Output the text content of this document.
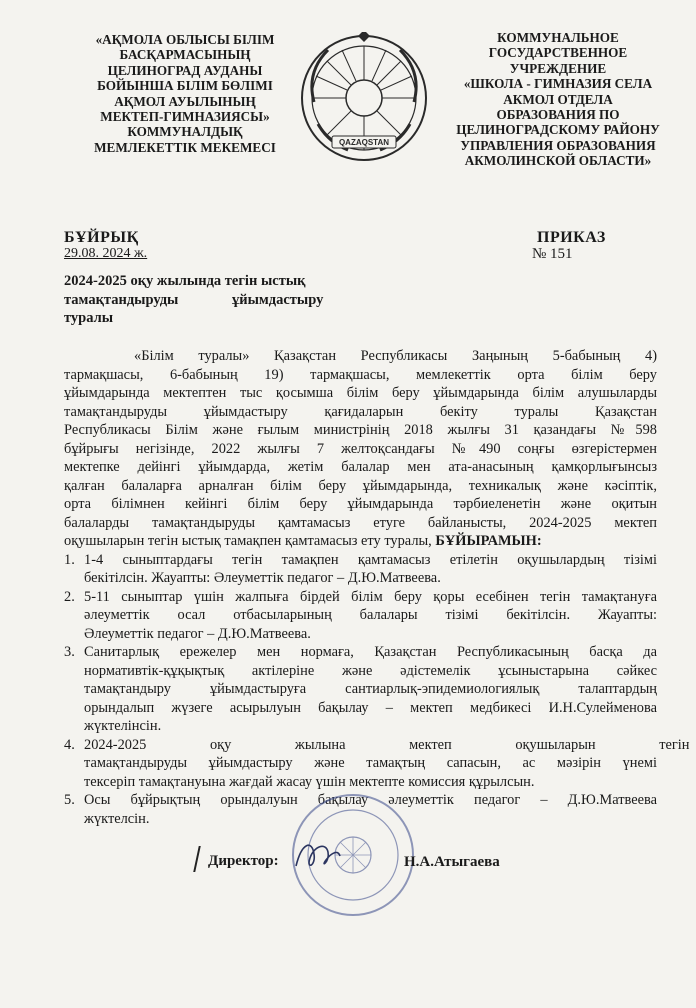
«АҚМОЛА ОБЛЫСЫ БІЛІМ
БАСҚАРМАСЫНЫҢ
ЦЕЛИНОГРАД АУДАНЫ
БОЙЫНША БІЛІМ БӨЛІМІ
АҚМОЛ АУЫЛЫНЫҢ
МЕКТЕП-ГИМНАЗИЯСЫ»
КОММУНАЛДЫҚ
МЕМЛЕКЕТТІК МЕКЕМЕСІ	QAZAQSTAN
КОММУНАЛЬНОЕ
ГОСУДАРСТВЕННОЕ
УЧРЕЖДЕНИЕ
«ШКОЛА - ГИМНАЗИЯ СЕЛА
АКМОЛ ОТДЕЛА
ОБРАЗОВАНИЯ ПО
ЦЕЛИНОГРАДСКОМУ РАЙОНУ
УПРАВЛЕНИЯ ОБРАЗОВАНИЯ
АКМОЛИНСКОЙ ОБЛАСТИ»
БҰЙРЫҚ
29.08. 2024 ж.
ПРИКАЗ
№ 151
2024-2025 оқу жылында тегін ыстық
тамақтандыруды ұйымдастыру
туралы
«Білім туралы» Қазақстан Республикасы Заңының 5-бабының 4)
тармақшасы, 6-бабының 19) тармақшасы, мемлекеттік орта білім беру
ұйымдарында мектептен тыс қосымша білім беру ұйымдарында білім алушыларды
тамақтандыруды ұйымдастыру қағидаларын бекіту туралы Қазақстан
Республикасы Білім және ғылым министрінің 2018 жылғы 31 қазандағы №598
бұйрығы негізінде, 2022 жылғы 7 желтоқсандағы №490 соңғы өзгерістермен
мектепке дейінгі ұйымдарда, жетім балалар мен ата-анасының қамқорлығынсыз
қалған балаларға арналған білім беру ұйымдарында, техникалық және кәсіптік,
орта білімнен кейінгі білім беру ұйымдарында тәрбиеленетін және оқитын
балаларды тамақтандыруды қамтамасыз етуге байланысты, 2024-2025 мектеп
оқушыларын тегін ыстық тамақпен қамтамасыз ету туралы, БҰЙЫРАМЫН:
1. 1-4 сыныптардағы тегін тамақпен қамтамасыз етілетін оқушылардың тізімі
бекітілсін. Жауапты: Әлеуметтік педагог – Д.Ю.Матвеева.
2. 5-11 сыныптар үшін жалпыға бірдей білім беру қоры есебінен тегін тамақтануға
әлеуметтік осал отбасыларының балалары тізімі бекітілсін. Жауапты:
Әлеуметтік педагог – Д.Ю.Матвеева.
3. Санитарлық ережелер мен нормаға, Қазақстан Республикасының басқа да
нормативтік-құқықтық актілеріне және әдістемелік ұсыныстарына сәйкес
тамақтандыру ұйымдастыруға сантиарлық-эпидемиологиялық талаптардың
орындалып жүзеге асырылуын бақылау – мектеп медбикесі И.Н.Сулейменова
жүктелінсін.
4. 2024-2025 оқу жылына мектеп оқушыларын тегін
тамақтандыруды ұйымдастыру және тамақтың сапасын, ас мәзірін үнемі
тексеріп тамақтануына жағдай жасау үшін мектепте комиссия құрылсын.
5. Осы бұйрықтың орындалуын бақылау әлеуметтік педагог – Д.Ю.Матвеева
жүктелсін.
Директор:	Н.А.Атыгаева
